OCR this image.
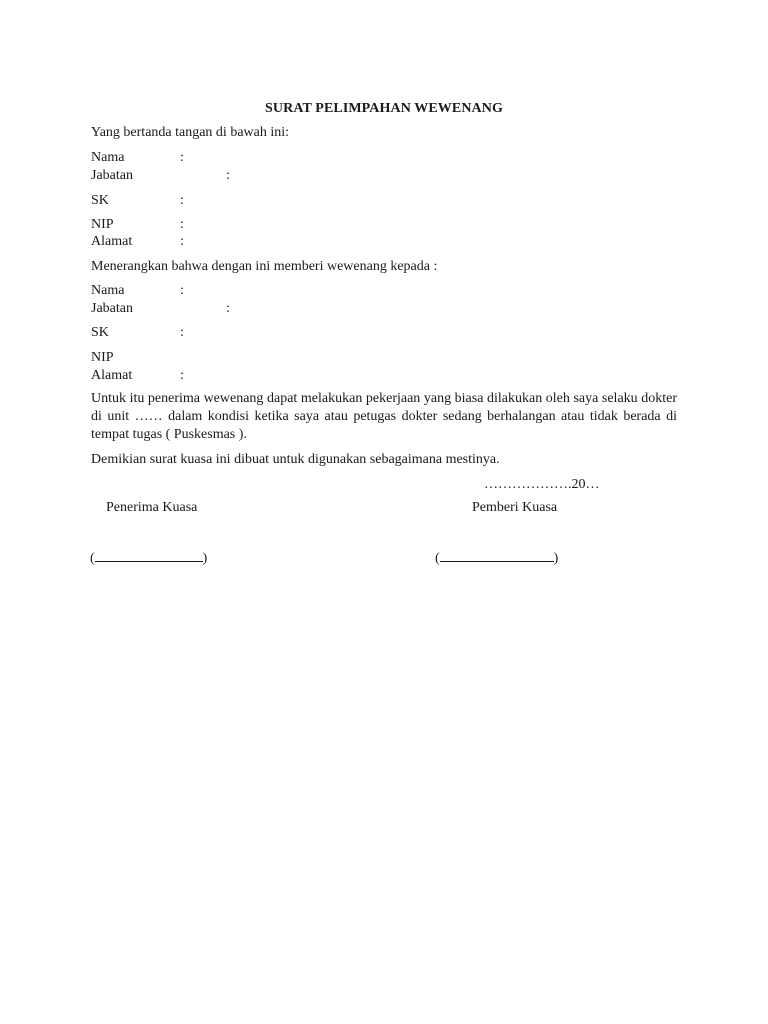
SURAT PELIMPAHAN WEWENANG
Yang bertanda tangan di bawah ini:
Nama	:
Jabatan	:
SK	:
NIP	:
Alamat	:
Menerangkan bahwa dengan ini memberi wewenang kepada :
Nama	:
Jabatan	:
SK	:
NIP
Alamat	:
Untuk itu penerima wewenang dapat melakukan pekerjaan yang biasa dilakukan oleh saya selaku dokter di unit …… dalam kondisi ketika saya atau petugas dokter sedang berhalangan atau tidak berada di tempat tugas ( Puskesmas ).
Demikian surat kuasa ini dibuat untuk digunakan sebagaimana mestinya.
……………….20…
Penerima Kuasa	Pemberi Kuasa
(	)	(	)
